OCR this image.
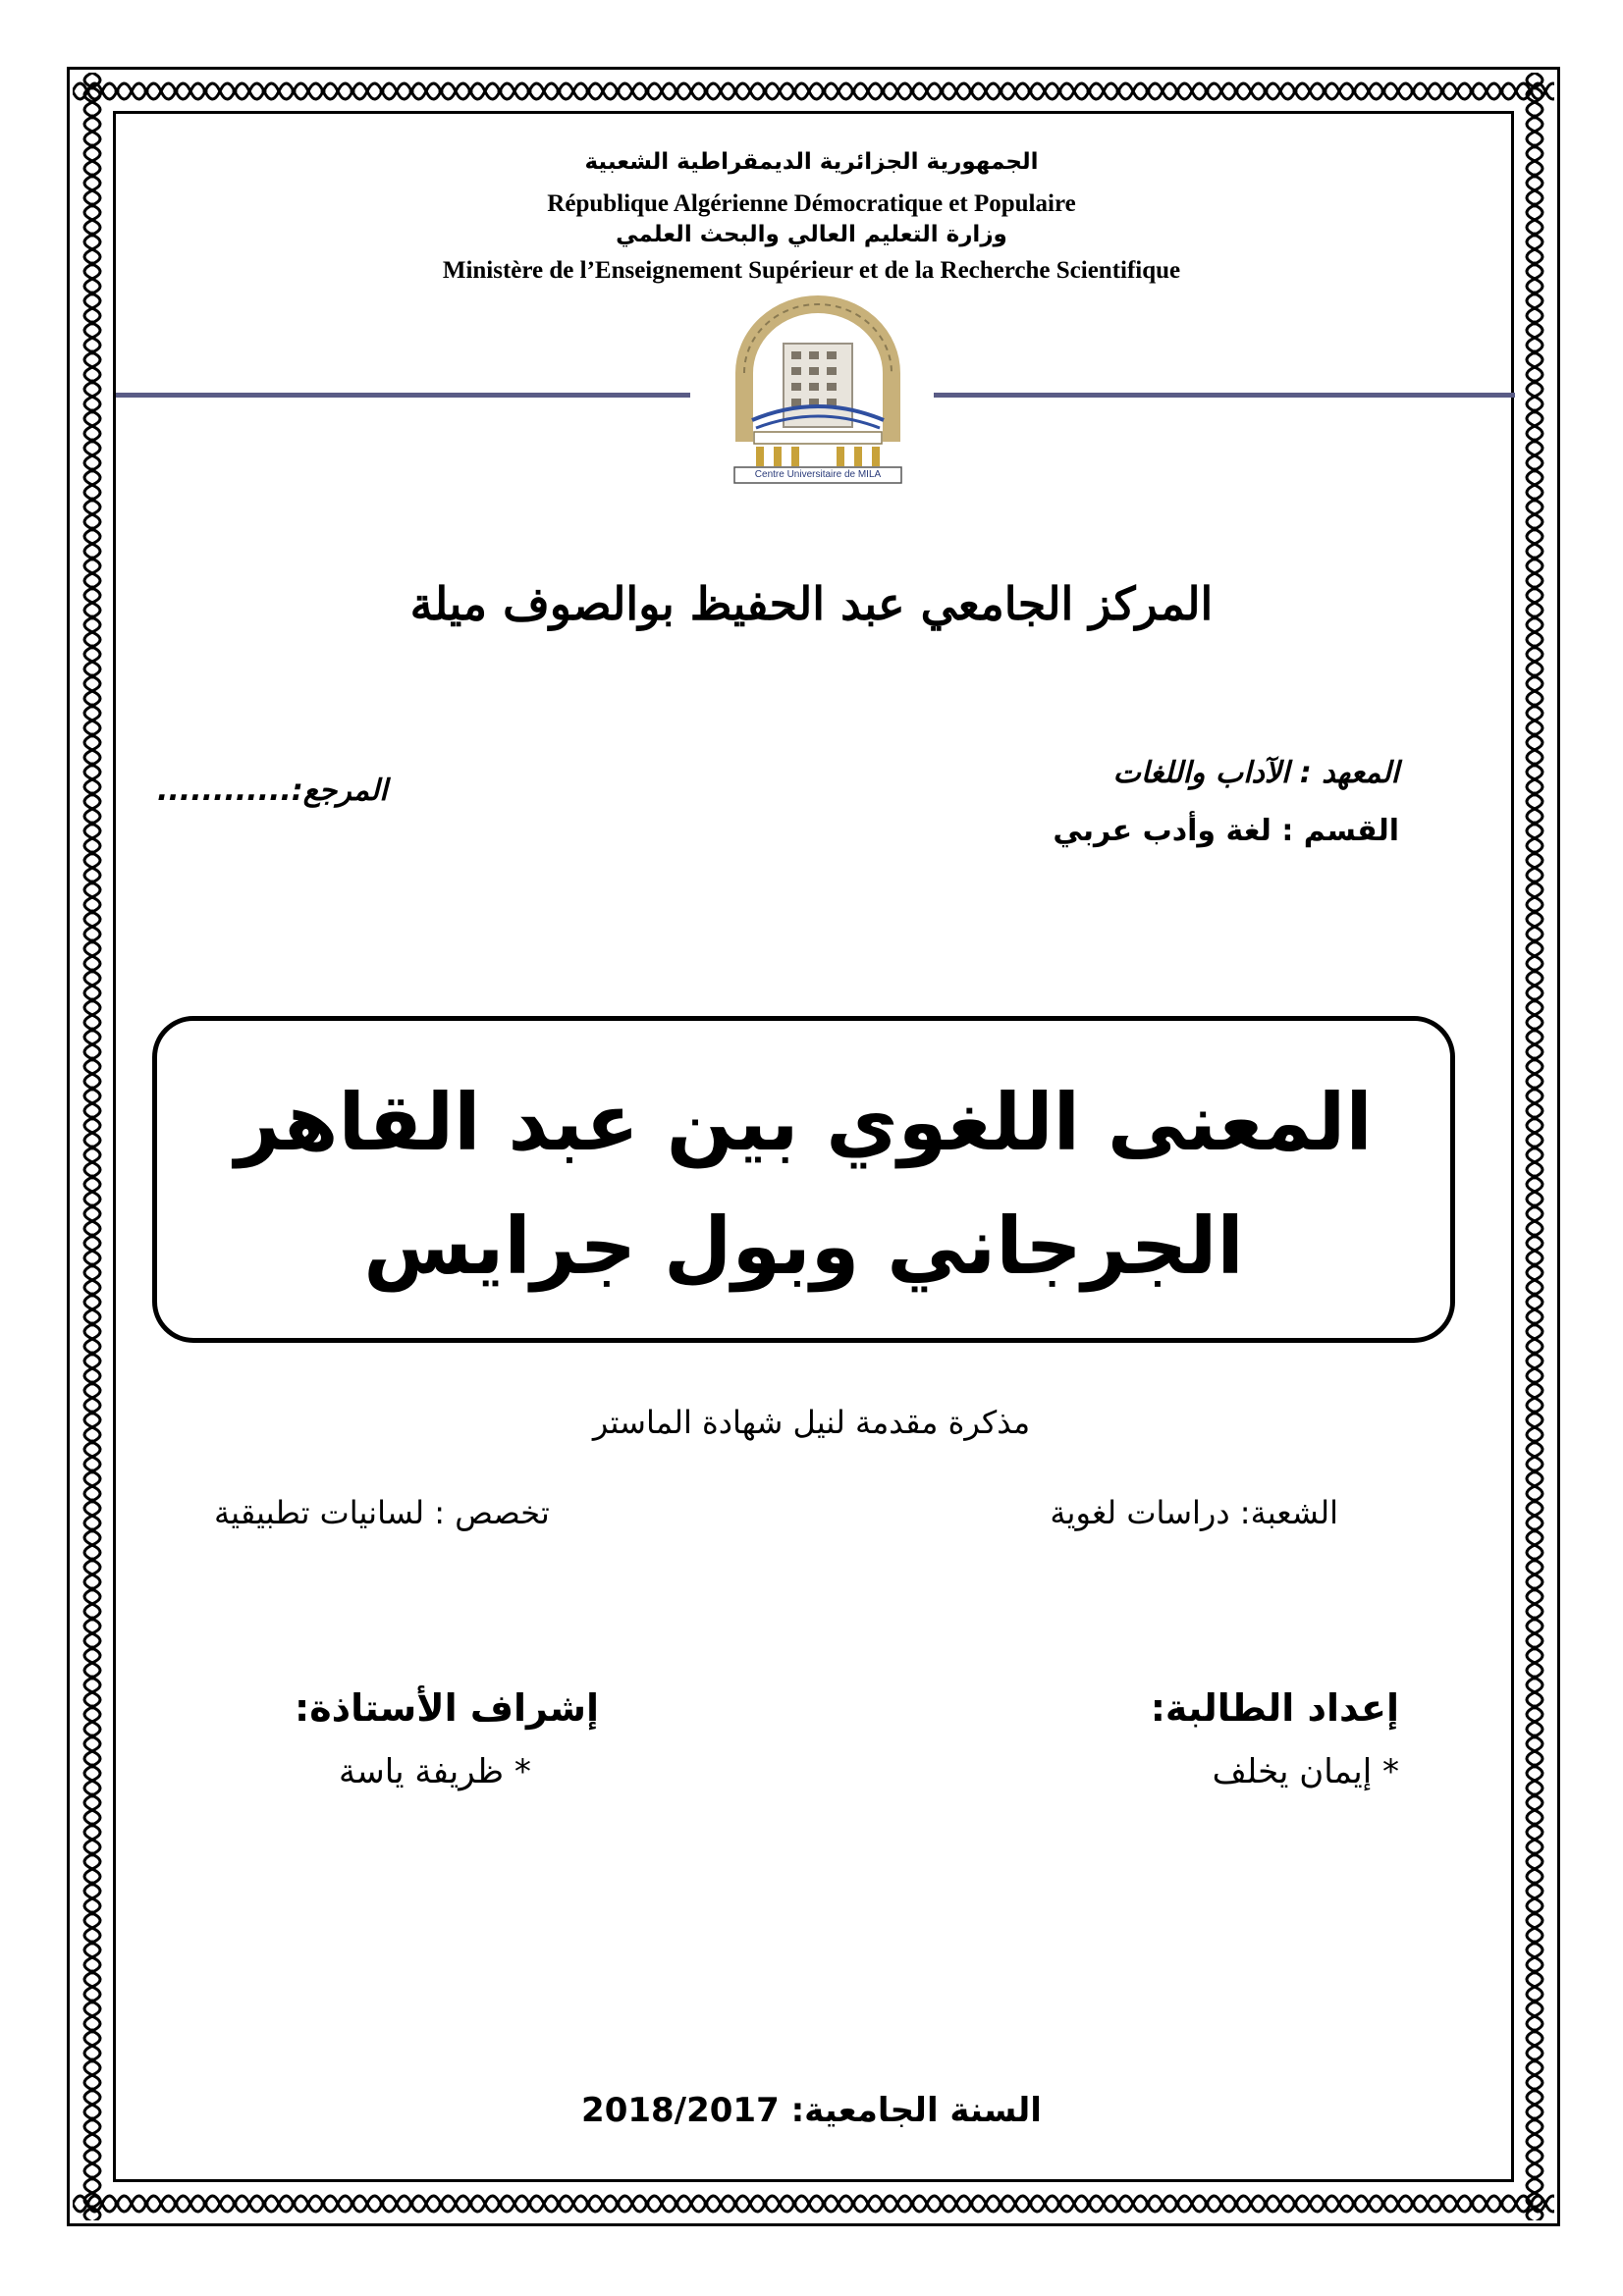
الجمهورية الجزائرية الديمقراطية الشعبية
République Algérienne Démocratique et Populaire
وزارة التعليم العالي والبحث العلمي
Ministère de l’Enseignement Supérieur et de la Recherche Scientifique
Centre Universitaire de MILA
المركز الجامعي عبد الحفيظ بوالصوف ميلة
المعهد : الآداب واللغات
القسم : لغة وأدب عربي
المرجع:............
المعنى اللغوي بين عبد القاهر
الجرجاني وبول جرايس
مذكرة مقدمة لنيل شهادة الماستر
الشعبة: دراسات لغوية
تخصص : لسانيات تطبيقية
إعداد الطالبة:
* إيمان يخلف
إشراف الأستاذة:
* ظريفة ياسة
السنة الجامعية: 2018/2017
